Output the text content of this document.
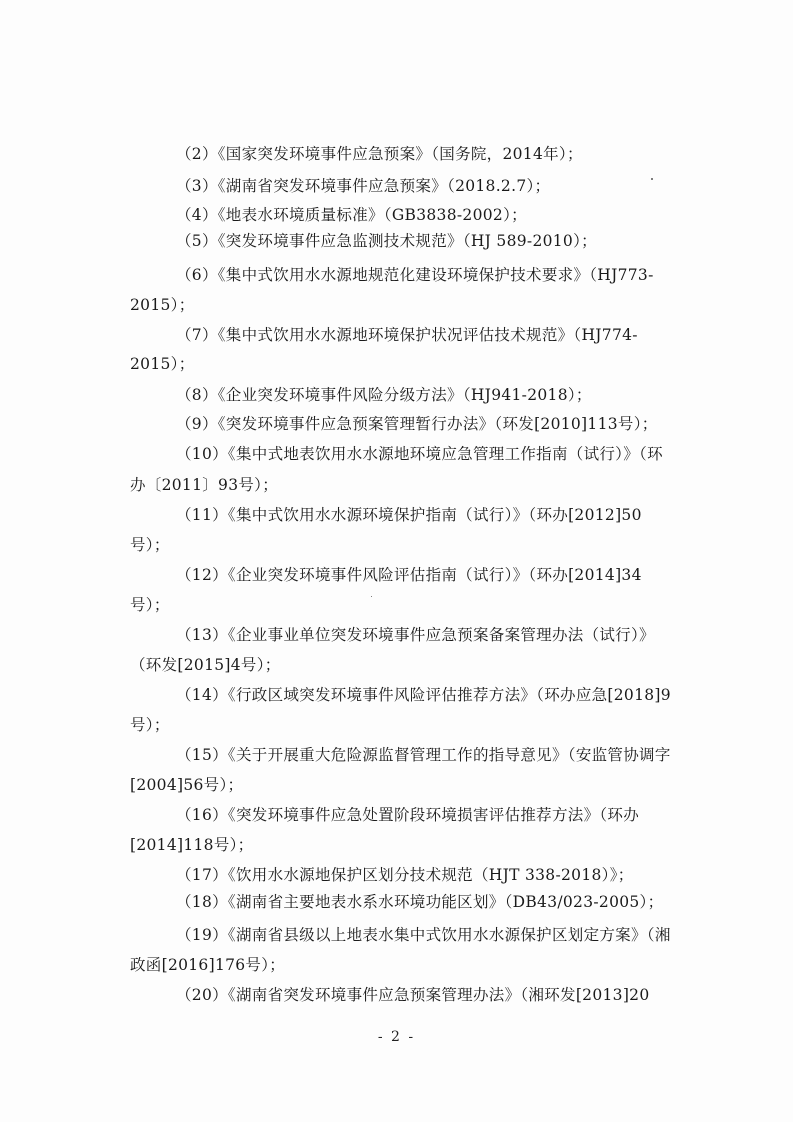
（2）《国家突发环境事件应急预案》（国务院，2014年）；
（3）《湖南省突发环境事件应急预案》（2018.2.7）；
（4）《地表水环境质量标准》（GB3838-2002）；
（5）《突发环境事件应急监测技术规范》（HJ 589-2010）；
（6）《集中式饮用水水源地规范化建设环境保护技术要求》（HJ773-
2015）；
（7）《集中式饮用水水源地环境保护状况评估技术规范》（HJ774-
2015）；
（8）《企业突发环境事件风险分级方法》（HJ941-2018）；
（9）《突发环境事件应急预案管理暂行办法》（环发[2010]113号）；
（10）《集中式地表饮用水水源地环境应急管理工作指南（试行）》（环
办〔2011〕93号）；
（11）《集中式饮用水水源环境保护指南（试行）》（环办[2012]50
号）；
（12）《企业突发环境事件风险评估指南（试行）》（环办[2014]34
号）；
（13）《企业事业单位突发环境事件应急预案备案管理办法（试行）》
（环发[2015]4号）；
（14）《行政区域突发环境事件风险评估推荐方法》（环办应急[2018]9
号）；
（15）《关于开展重大危险源监督管理工作的指导意见》（安监管协调字
[2004]56号）；
（16）《突发环境事件应急处置阶段环境损害评估推荐方法》（环办
[2014]118号）；
（17）《饮用水水源地保护区划分技术规范（HJT 338-2018）》；
（18）《湖南省主要地表水系水环境功能区划》（DB43/023-2005）；
（19）《湖南省县级以上地表水集中式饮用水水源保护区划定方案》（湘
政函[2016]176号）；
（20）《湖南省突发环境事件应急预案管理办法》（湘环发[2013]20
- 2 -
